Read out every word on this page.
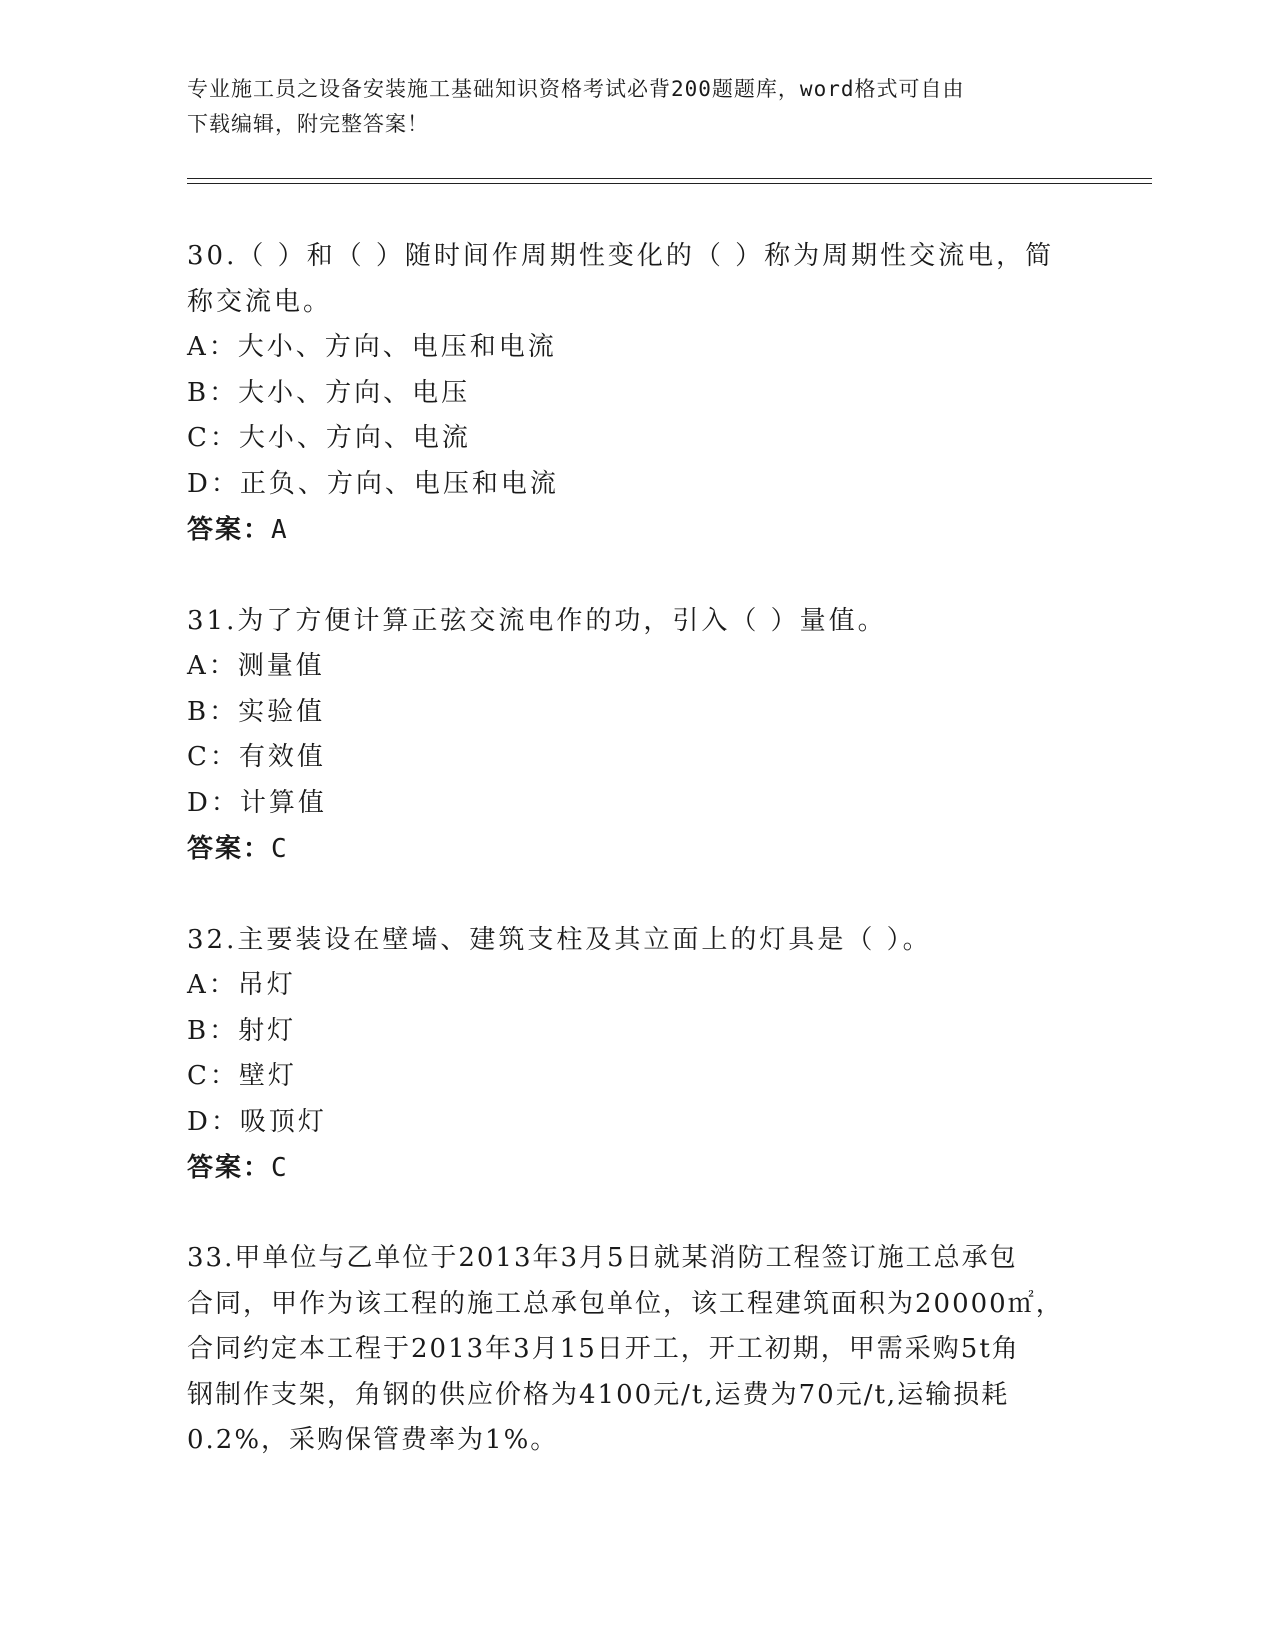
专业施工员之设备安装施工基础知识资格考试必背200题题库，word格式可自由
下载编辑，附完整答案！
30.（ ）和（ ）随时间作周期性变化的（ ）称为周期性交流电，简
称交流电。
A：大小、方向、电压和电流
B：大小、方向、电压
C：大小、方向、电流
D：正负、方向、电压和电流
答案：A
31.为了方便计算正弦交流电作的功，引入（ ）量值。
A：测量值
B：实验值
C：有效值
D：计算值
答案：C
32.主要装设在壁墙、建筑支柱及其立面上的灯具是（ ）。
A：吊灯
B：射灯
C：壁灯
D：吸顶灯
答案：C
33.甲单位与乙单位于2013年3月5日就某消防工程签订施工总承包
合同，甲作为该工程的施工总承包单位，该工程建筑面积为20000㎡，
合同约定本工程于2013年3月15日开工，开工初期，甲需采购5t角
钢制作支架，角钢的供应价格为4100元/t,运费为70元/t,运输损耗
0.2%，采购保管费率为1%。
